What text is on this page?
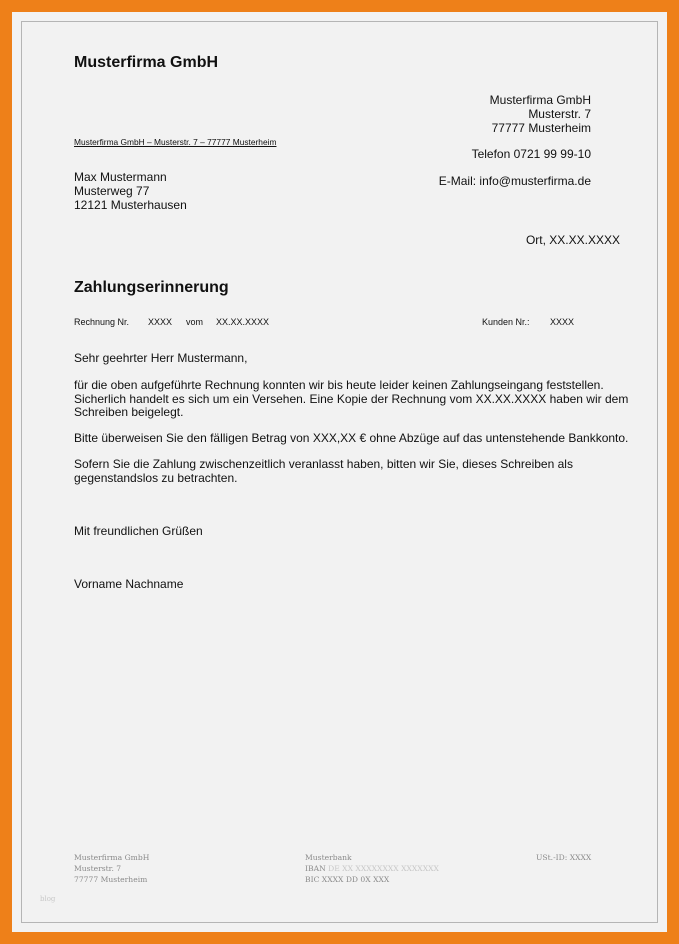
Musterfirma GmbH
Musterfirma GmbH
Musterstr. 7
77777 Musterheim
Musterfirma GmbH – Musterstr. 7 – 77777 Musterheim
Telefon 0721 99 99-10
E-Mail: info@musterfirma.de
Max Mustermann
Musterweg 77
12121 Musterhausen
Ort, XX.XX.XXXX
Zahlungserinnerung
Rechnung Nr. XXXX vom XX.XX.XXXX	Kunden Nr.: XXXX
Sehr geehrter Herr Mustermann,
für die oben aufgeführte Rechnung konnten wir bis heute leider keinen Zahlungseingang feststellen. Sicherlich handelt es sich um ein Versehen. Eine Kopie der Rechnung vom XX.XX.XXXX haben wir dem Schreiben beigelegt.
Bitte überweisen Sie den fälligen Betrag von XXX,XX € ohne Abzüge auf das untenstehende Bankkonto.
Sofern Sie die Zahlung zwischenzeitlich veranlasst haben, bitten wir Sie, dieses Schreiben als gegenstandslos zu betrachten.
Mit freundlichen Grüßen
Vorname Nachname
Musterfirma GmbH
Musterstr. 7
77777 Musterheim
Musterbank
IBAN DE XX XXXXXXXX XXXXXXX
BIC XXXX DD 0X XXX
USt.-ID: XXXX
blog
